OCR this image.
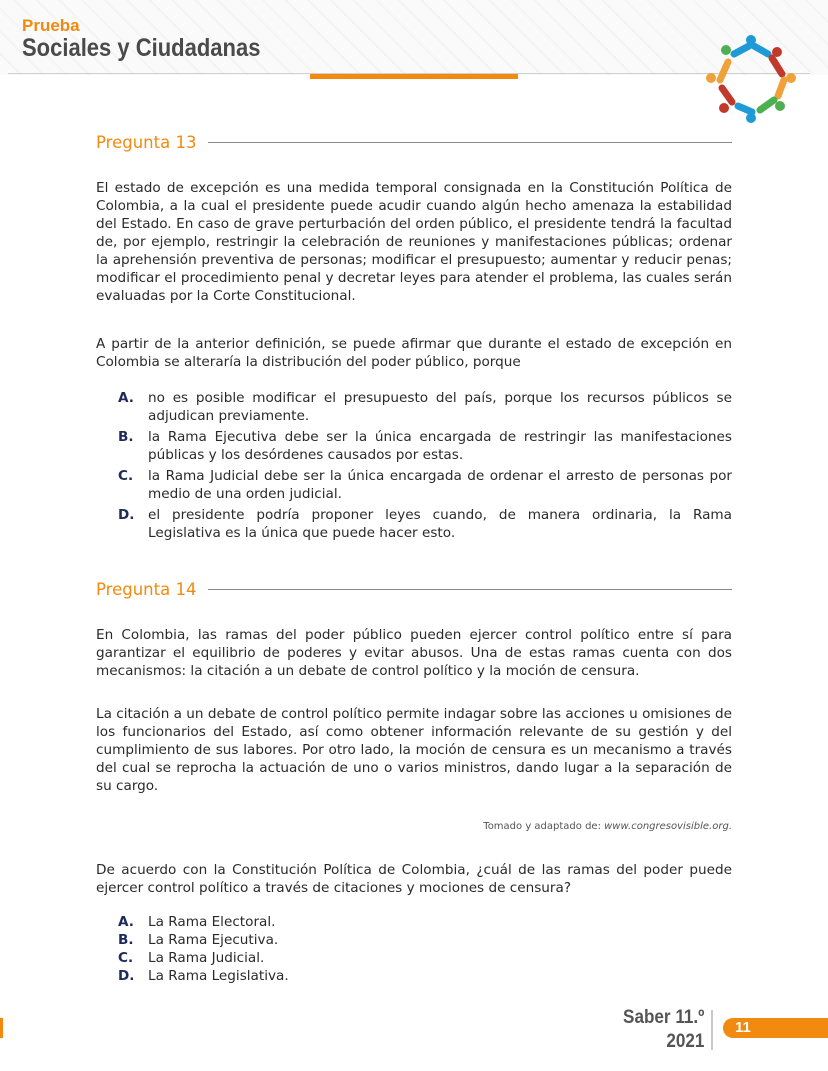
Prueba
Sociales y Ciudadanas
Pregunta 13

El estado de excepción es una medida temporal consignada en la Constitución Política de Colombia, a la cual el presidente puede acudir cuando algún hecho amenaza la estabilidad del Estado. En caso de grave perturbación del orden público, el presidente tendrá la facultad de, por ejemplo, restringir la celebración de reuniones y manifestaciones públicas; ordenar la aprehensión preventiva de personas; modificar el presupuesto; aumentar y reducir penas; modificar el procedimiento penal y decretar leyes para atender el problema, las cuales serán evaluadas por la Corte Constitucional.

A partir de la anterior definición, se puede afirmar que durante el estado de excepción en Colombia se alteraría la distribución del poder público, porque

A.	no es posible modificar el presupuesto del país, porque los recursos públicos se adjudican previamente.
B.	la Rama Ejecutiva debe ser la única encargada de restringir las manifestaciones públicas y los desórdenes causados por estas.
C.	la Rama Judicial debe ser la única encargada de ordenar el arresto de personas por medio de una orden judicial.
D. el presidente podría proponer leyes cuando, de manera ordinaria, la Rama Legislativa es la única que puede hacer esto.
Pregunta 14

En Colombia, las ramas del poder público pueden ejercer control político entre sí para garantizar el equilibrio de poderes y evitar abusos. Una de estas ramas cuenta con dos mecanismos: la citación a un debate de control político y la moción de censura.

La citación a un debate de control político permite indagar sobre las acciones u omisiones de los funcionarios del Estado, así como obtener información relevante de su gestión y del cumplimiento de sus labores. Por otro lado, la moción de censura es un mecanismo a través del cual se reprocha la actuación de uno o varios ministros, dando lugar a la separación de su cargo.

Tomado y adaptado de: www.congresovisible.org.

De acuerdo con la Constitución Política de Colombia, ¿cuál de las ramas del poder puede ejercer control político a través de citaciones y mociones de censura?

A.	La Rama Electoral.
B.	La Rama Ejecutiva.
C.	La Rama Judicial.
D. La Rama Legislativa.
Saber 11.º
2021
11
